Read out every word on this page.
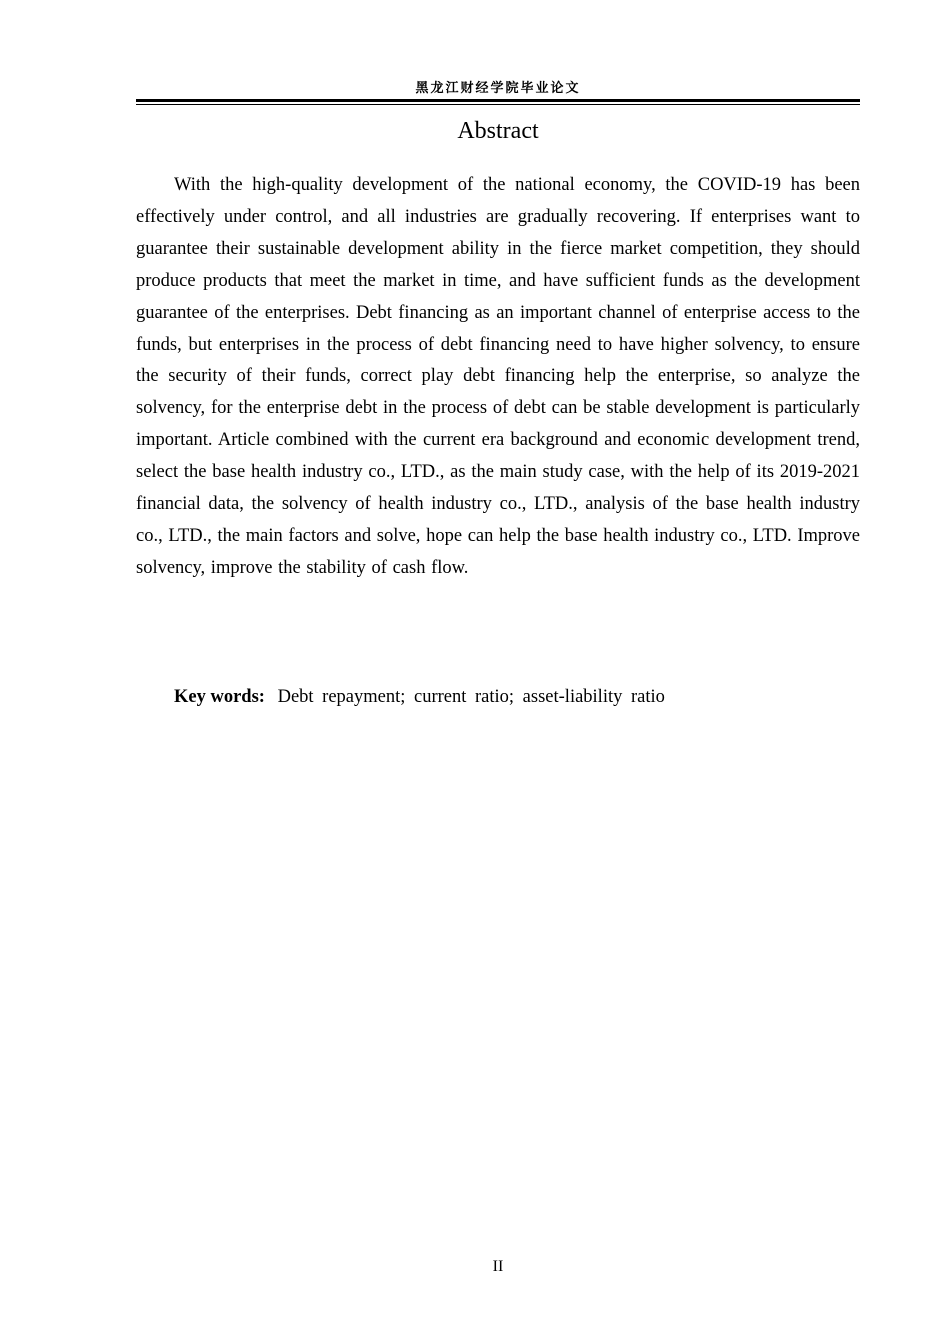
黑龙江财经学院毕业论文
Abstract

With the high-quality development of the national economy, the COVID-19 has been effectively under control, and all industries are gradually recovering. If enterprises want to guarantee their sustainable development ability in the fierce market competition, they should produce products that meet the market in time, and have sufficient funds as the development guarantee of the enterprises. Debt financing as an important channel of enterprise access to the funds, but enterprises in the process of debt financing need to have higher solvency, to ensure the security of their funds, correct play debt financing help the enterprise, so analyze the solvency, for the enterprise debt in the process of debt can be stable development is particularly important. Article combined with the current era background and economic development trend, select the base health industry co., LTD., as the main study case, with the help of its 2019-2021 financial data, the solvency of health industry co., LTD., analysis of the base health industry co., LTD., the main factors and solve, hope can help the base health industry co., LTD. Improve solvency, improve the stability of cash flow.

Key words: Debt repayment; current ratio; asset-liability ratio
II
